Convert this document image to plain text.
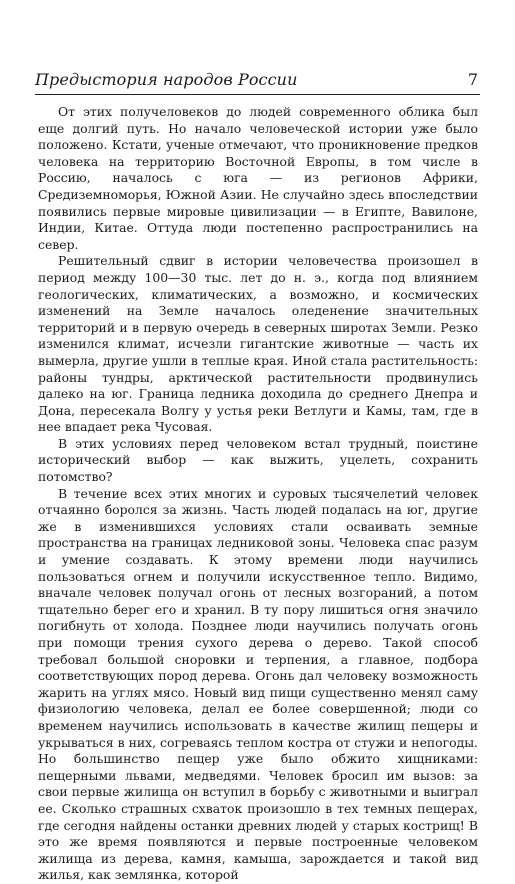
Предыстория народов России	7

От этих получеловеков до людей современного облика был еще долгий путь. Но начало человеческой истории уже было положено. Кстати, ученые отмечают, что проникновение предков человека на территорию Восточной Европы, в том числе в Россию, началось с юга — из регионов Африки, Средиземноморья, Южной Азии. Не случайно здесь впоследствии появились первые мировые цивилизации — в Египте, Вавилоне, Индии, Китае. Оттуда люди постепенно распространились на север.

Решительный сдвиг в истории человечества произошел в период между 100—30 тыс. лет до н. э., когда под влиянием геологических, климатических, а возможно, и космических изменений на Земле началось оледенение значительных территорий и в первую очередь в северных широтах Земли. Резко изменился климат, исчезли гигантские животные — часть их вымерла, другие ушли в теплые края. Иной стала растительность: районы тундры, арктической растительности продвинулись далеко на юг. Граница ледника доходила до среднего Днепра и Дона, пересекала Волгу у устья реки Ветлуги и Камы, там, где в нее впадает река Чусовая.

В этих условиях перед человеком встал трудный, поистине исторический выбор — как выжить, уцелеть, сохранить потомство?

В течение всех этих многих и суровых тысячелетий человек отчаянно боролся за жизнь. Часть людей подалась на юг, другие же в изменившихся условиях стали осваивать земные пространства на границах ледниковой зоны. Человека спас разум и умение создавать. К этому времени люди научились пользоваться огнем и получили искусственное тепло. Видимо, вначале человек получал огонь от лесных возгораний, а потом тщательно берег его и хранил. В ту пору лишиться огня значило погибнуть от холода. Позднее люди научились получать огонь при помощи трения сухого дерева о дерево. Такой способ требовал большой сноровки и терпения, а главное, подбора соответствующих пород дерева. Огонь дал человеку возможность жарить на углях мясо. Новый вид пищи существенно менял саму физиологию человека, делал ее более совершенной; люди со временем научились использовать в качестве жилищ пещеры и укрываться в них, согреваясь теплом костра от стужи и непогоды. Но большинство пещер уже было обжито хищниками: пещерными львами, медведями. Человек бросил им вызов: за свои первые жилища он вступил в борьбу с животными и выиграл ее. Сколько страшных схваток произошло в тех темных пещерах, где сегодня найдены останки древних людей у старых кострищ! В это же время появляются и первые построенные человеком жилища из дерева, камня, камыша, зарождается и такой вид жилья, как землянка, которой
